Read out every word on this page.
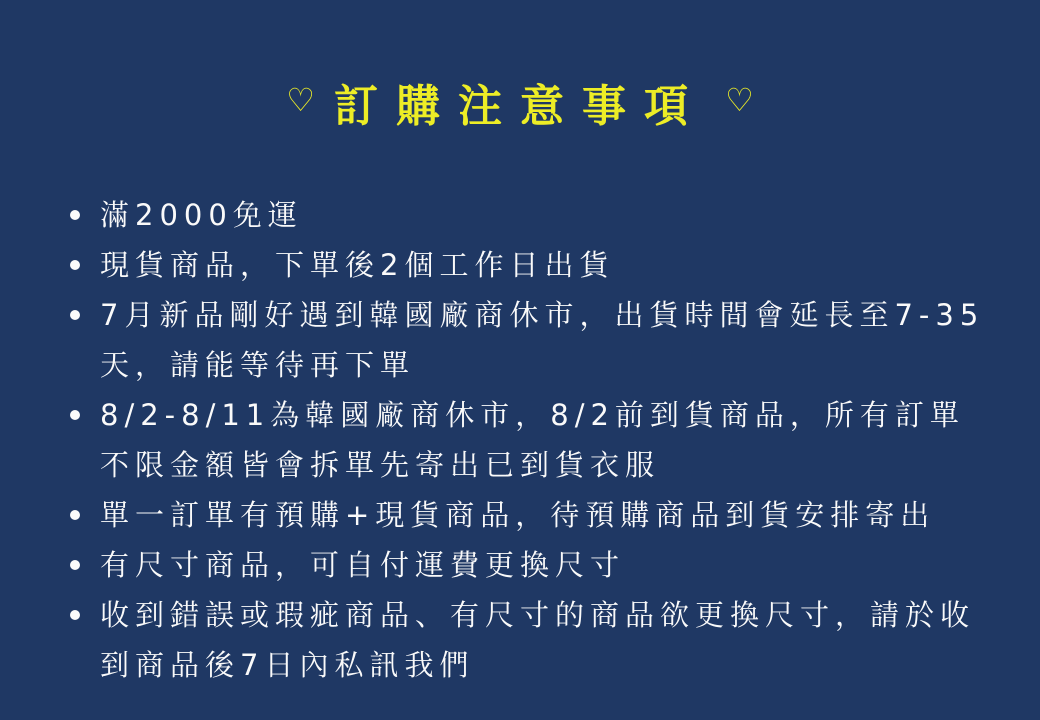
♡ 訂購注意事項 ♡
滿2000免運
現貨商品，下單後2個工作日出貨
7月新品剛好遇到韓國廠商休市，出貨時間會延長至7-35天，請能等待再下單
8/2-8/11為韓國廠商休市，8/2前到貨商品，所有訂單不限金額皆會拆單先寄出已到貨衣服
單一訂單有預購+現貨商品，待預購商品到貨安排寄出
有尺寸商品，可自付運費更換尺寸
收到錯誤或瑕疵商品、有尺寸的商品欲更換尺寸，請於收到商品後7日內私訊我們
